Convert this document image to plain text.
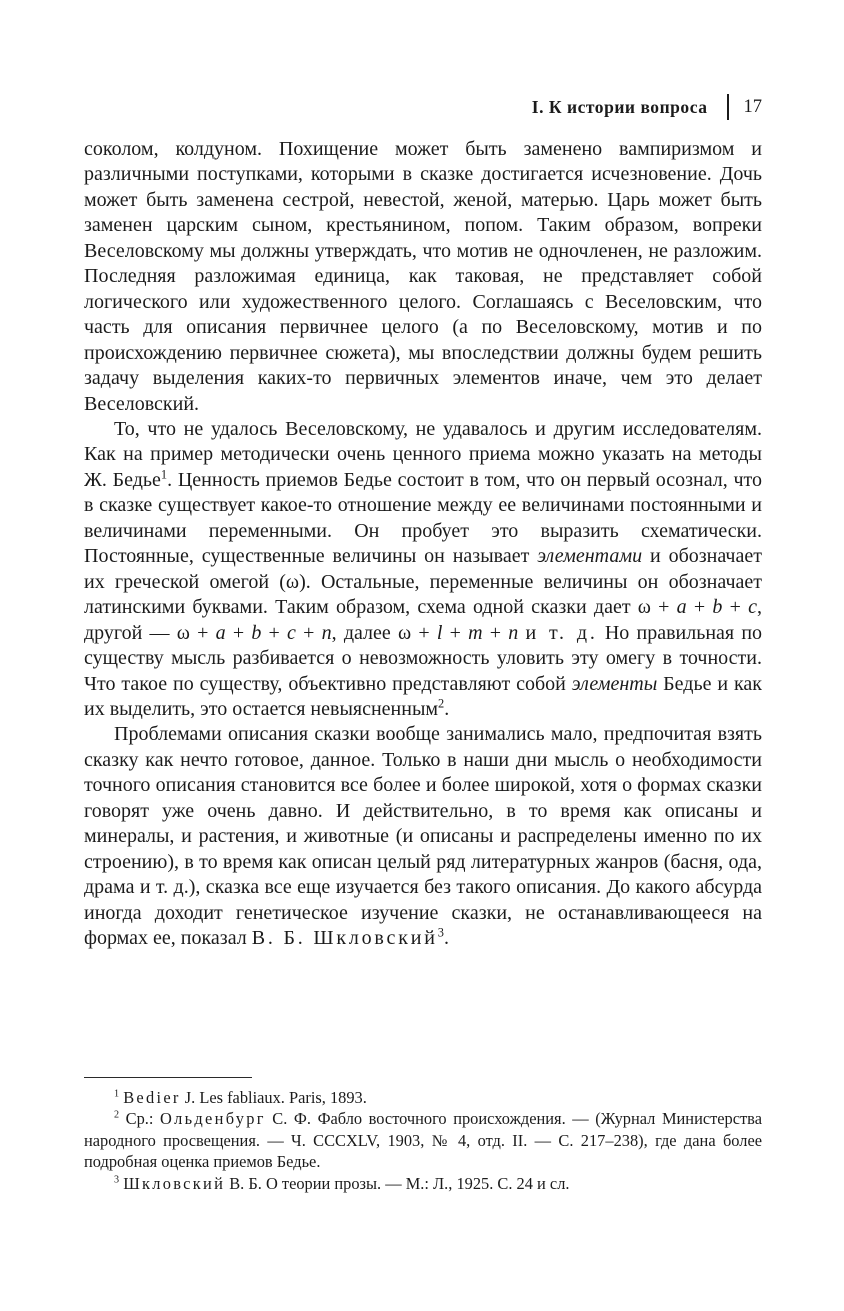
I. К истории вопроса 17

соколом, колдуном. Похищение может быть заменено вампиризмом и различными поступками, которыми в сказке достигается исчезновение. Дочь может быть заменена сестрой, невестой, женой, матерью. Царь может быть заменен царским сыном, крестьянином, попом. Таким образом, вопреки Веселовскому мы должны утверждать, что мотив не одночленен, не разложим. Последняя разложимая единица, как таковая, не представляет собой логического или художественного целого. Соглашаясь с Веселовским, что часть для описания первичнее целого (а по Веселовскому, мотив и по происхождению первичнее сюжета), мы впоследствии должны будем решить задачу выделения каких-то первичных элементов иначе, чем это делает Веселовский.

То, что не удалось Веселовскому, не удавалось и другим исследователям. Как на пример методически очень ценного приема можно указать на методы Ж. Бедье$^1$. Ценность приемов Бедье состоит в том, что он первый осознал, что в сказке существует какое-то отношение между ее величинами постоянными и величинами переменными. Он пробует это выразить схематически. Постоянные, существенные величины он называет элементами и обозначает их греческой омегой (ω). Остальные, переменные величины он обозначает латинскими буквами. Таким образом, схема одной сказки дает ω + a + b + c, другой — ω + a + b + c + n, далее ω + l + m + n и т. д. Но правильная по существу мысль разбивается о невозможность уловить эту омегу в точности. Что такое по существу, объективно представляют собой элементы Бедье и как их выделить, это остается невыясненным$^2$.

Проблемами описания сказки вообще занимались мало, предпочитая взять сказку как нечто готовое, данное. Только в наши дни мысль о необходимости точного описания становится все более и более широкой, хотя о формах сказки говорят уже очень давно. И действительно, в то время как описаны и минералы, и растения, и животные (и описаны и распределены именно по их строению), в то время как описан целый ряд литературных жанров (басня, ода, драма и т. д.), сказка все еще изучается без такого описания. До какого абсурда иногда доходит генетическое изучение сказки, не останавливающееся на формах ее, показал В. Б. Шкловский$^3$.

$^1$ Bedier J. Les fabliaux. Paris, 1893.

$^2$ Ср.: Ольденбург С. Ф. Фабло восточного происхождения. — (Журнал Министерства народного просвещения. — Ч. CCCXLV, 1903, № 4, отд. II. — С. 217–238), где дана более подробная оценка приемов Бедье.

$^3$ Шкловский В. Б. О теории прозы. — М.: Л., 1925. С. 24 и сл.
